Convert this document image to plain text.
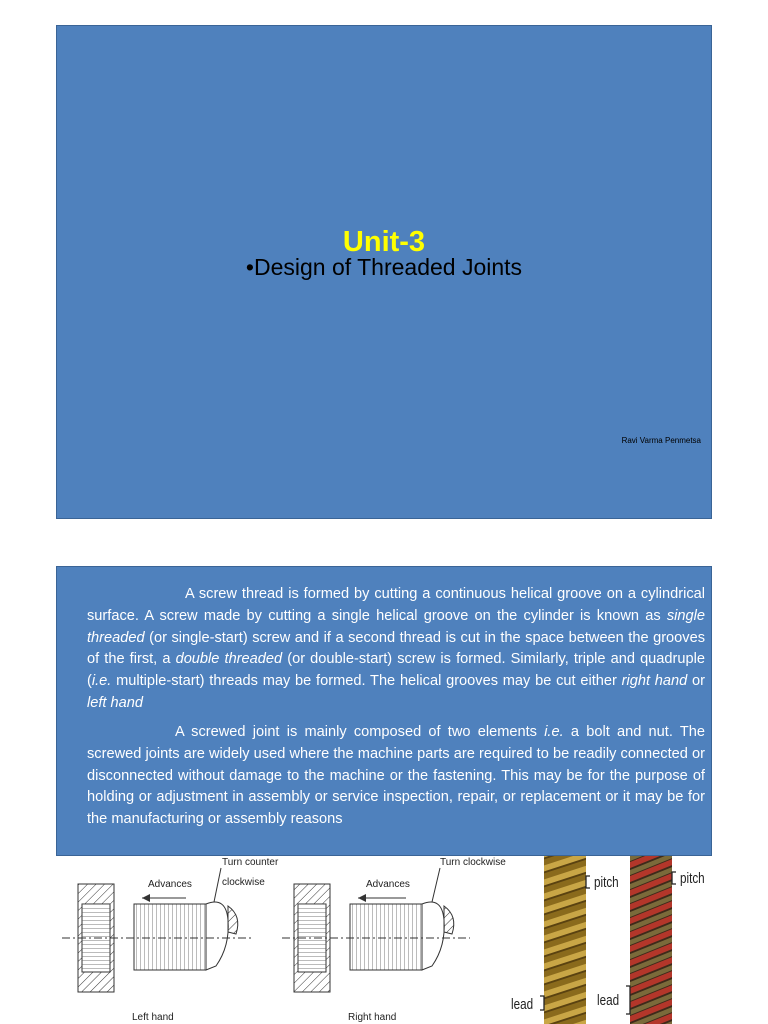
Unit-3
•Design of Threaded Joints
Ravi Varma Penmetsa

A screw thread is formed by cutting a continuous helical groove on a cylindrical surface. A screw made by cutting a single helical groove on the cylinder is known as single threaded (or single-start) screw and if a second thread is cut in the space between the grooves of the first, a double threaded (or double-start) screw is formed. Similarly, triple and quadruple (i.e. multiple-start) threads may be formed. The helical grooves may be cut either right hand or left hand

A screwed joint is mainly composed of two elements i.e. a bolt and nut. The screwed joints are widely used where the machine parts are required to be readily connected or disconnected without damage to the machine or the fastening. This may be for the purpose of holding or adjustment in assembly or service inspection, repair, or replacement or it may be for the manufacturing or assembly reasons

Advances
Turn counter
clockwise
Left hand
Advances
Turn clockwise
Right hand
pitch
lead
pitch
lead
